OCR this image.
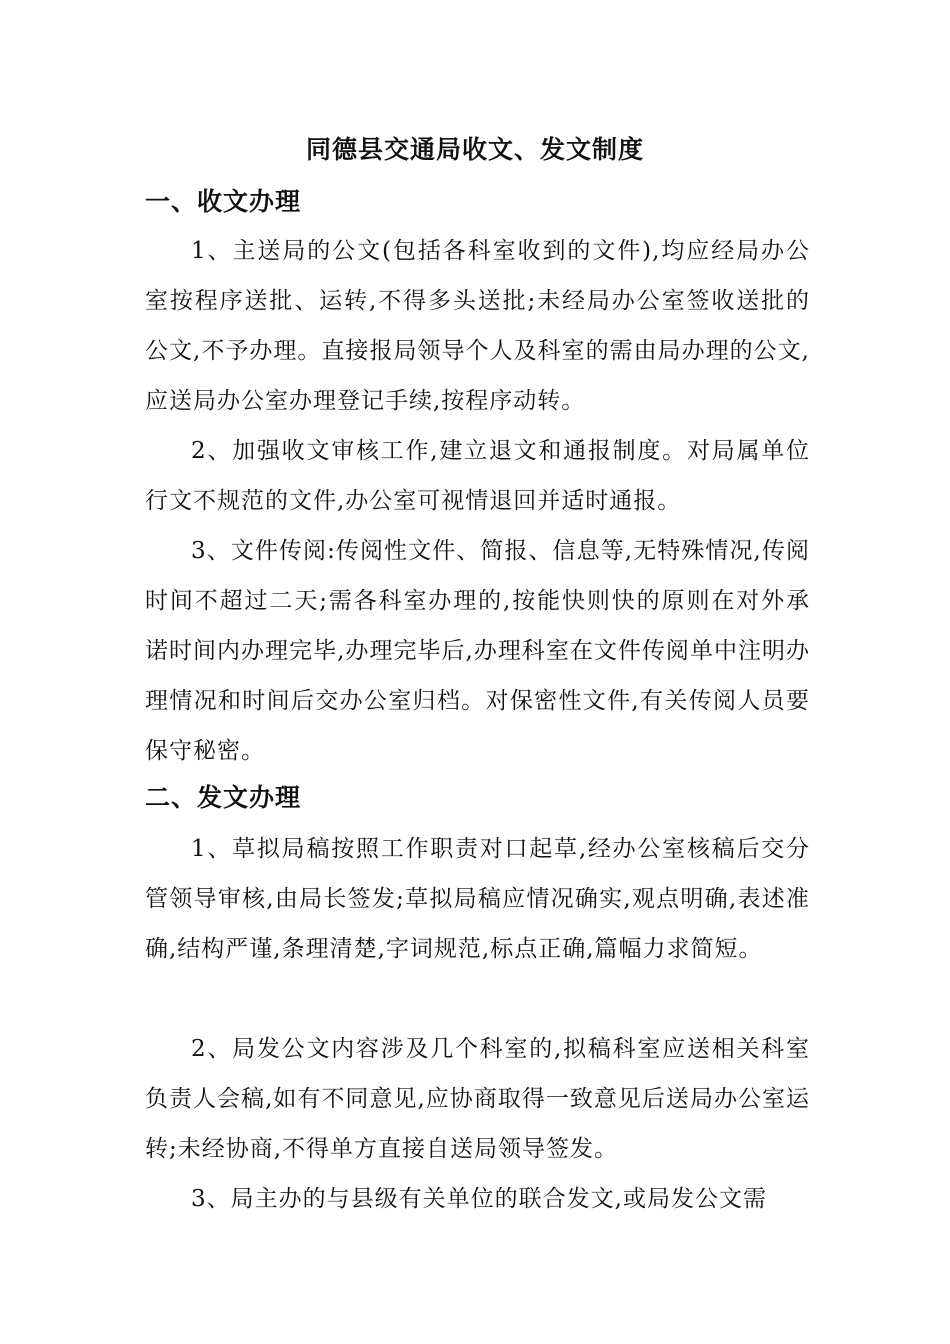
同德县交通局收文、发文制度
一、收文办理

1、主送局的公文(包括各科室收到的文件),均应经局办公室按程序送批、运转,不得多头送批;未经局办公室签收送批的公文,不予办理。直接报局领导个人及科室的需由局办理的公文,应送局办公室办理登记手续,按程序动转。

2、加强收文审核工作,建立退文和通报制度。对局属单位行文不规范的文件,办公室可视情退回并适时通报。

3、文件传阅:传阅性文件、简报、信息等,无特殊情况,传阅时间不超过二天;需各科室办理的,按能快则快的原则在对外承诺时间内办理完毕,办理完毕后,办理科室在文件传阅单中注明办理情况和时间后交办公室归档。对保密性文件,有关传阅人员要保守秘密。

二、发文办理

1、草拟局稿按照工作职责对口起草,经办公室核稿后交分管领导审核,由局长签发;草拟局稿应情况确实,观点明确,表述准确,结构严谨,条理清楚,字词规范,标点正确,篇幅力求简短。

2、局发公文内容涉及几个科室的,拟稿科室应送相关科室负责人会稿,如有不同意见,应协商取得一致意见后送局办公室运转;未经协商,不得单方直接自送局领导签发。

3、局主办的与县级有关单位的联合发文,或局发公文需
